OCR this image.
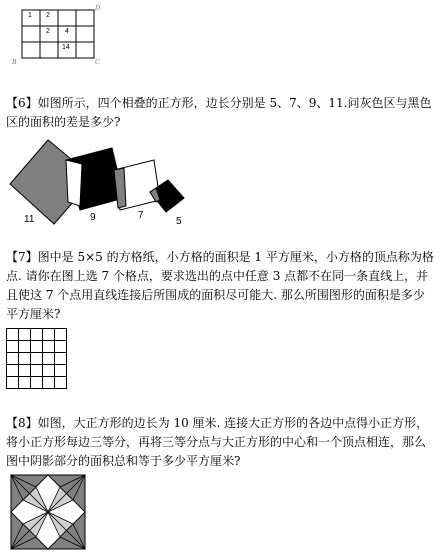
1 2
2 4
14
D
B	C
【6】如图所示，四个相叠的正方形，边长分别是 5、7、9、11.问灰色区与黑色
区的面积的差是多少?
11	9	7
5
【7】图中是 5×5 的方格纸，小方格的面积是 1 平方厘米，小方格的顶点称为格
点. 请你在图上选 7 个格点，要求选出的点中任意 3 点都不在同一条直线上，并
且使这 7 个点用直线连接后所围成的面积尽可能大. 那么所围图形的面积是多少
平方厘米?
【8】如图，大正方形的边长为 10 厘米. 连接大正方形的各边中点得小正方形，
将小正方形每边三等分，再将三等分点与大正方形的中心和一个顶点相连，那么
图中阴影部分的面积总和等于多少平方厘米?
